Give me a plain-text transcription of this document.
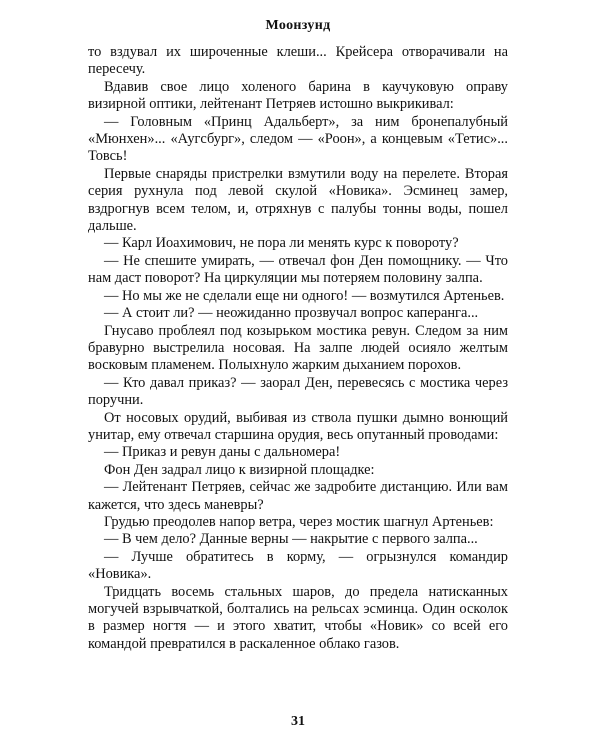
Моонзунд

то вздувал их широченные клеши... Крейсера отворачивали на пересечу.

Вдавив свое лицо холеного барина в каучуковую оправу визирной оптики, лейтенант Петряев истошно выкрикивал:

— Головным «Принц Адальберт», за ним бронепалубный «Мюнхен»... «Аугсбург», следом — «Роон», а концевым «Тетис»... Товсь!

Первые снаряды пристрелки взмутили воду на перелете. Вторая серия рухнула под левой скулой «Новика». Эсминец замер, вздрогнув всем телом, и, отряхнув с палубы тонны воды, пошел дальше.

— Карл Иоахимович, не пора ли менять курс к повороту?

— Не спешите умирать, — отвечал фон Ден помощнику. — Что нам даст поворот? На циркуляции мы потеряем половину залпа.

— Но мы же не сделали еще ни одного! — возмутился Артеньев.

— А стоит ли? — неожиданно прозвучал вопрос каперанга...

Гнусаво проблеял под козырьком мостика ревун. Следом за ним бравурно выстрелила носовая. На залпе людей осияло желтым восковым пламенем. Полыхнуло жарким дыханием порохов.

— Кто давал приказ? — заорал Ден, перевесясь с мостика через поручни.

От носовых орудий, выбивая из ствола пушки дымно вонющий унитар, ему отвечал старшина орудия, весь опутанный проводами:

— Приказ и ревун даны с дальномера!

Фон Ден задрал лицо к визирной площадке:

— Лейтенант Петряев, сейчас же задробите дистанцию. Или вам кажется, что здесь маневры?

Грудью преодолев напор ветра, через мостик шагнул Артеньев:

— В чем дело? Данные верны — накрытие с первого залпа...

— Лучше обратитесь в корму, — огрызнулся командир «Новика».

Тридцать восемь стальных шаров, до предела натисканных могучей взрывчаткой, болтались на рельсах эсминца. Один осколок в размер ногтя — и этого хватит, чтобы «Новик» со всей его командой превратился в раскаленное облако газов.

31
